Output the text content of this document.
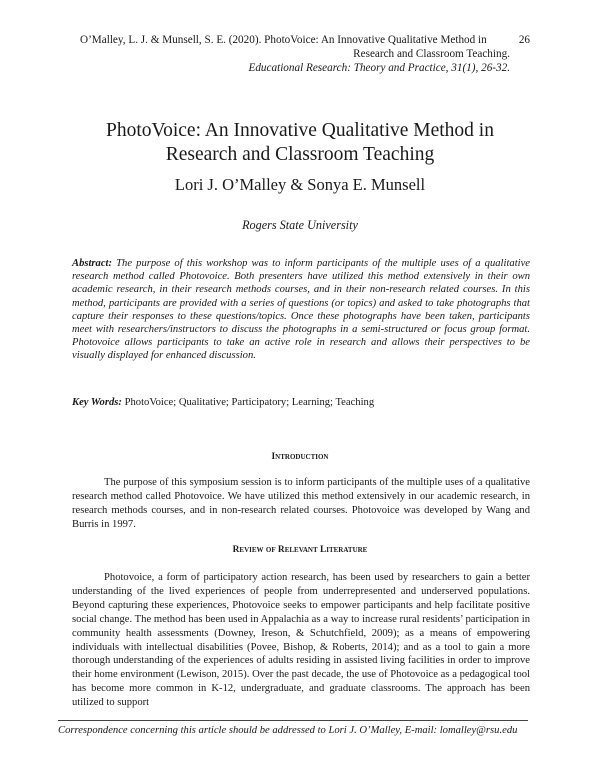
26
O’Malley, L. J. & Munsell, S. E. (2020). PhotoVoice: An Innovative Qualitative Method in
Research and Classroom Teaching.
Educational Research: Theory and Practice, 31(1), 26-32.
PhotoVoice: An Innovative Qualitative Method in
Research and Classroom Teaching
Lori J. O’Malley & Sonya E. Munsell
Rogers State University

Abstract: The purpose of this workshop was to inform participants of the multiple uses of a qualitative research method called Photovoice. Both presenters have utilized this method extensively in their own academic research, in their research methods courses, and in their non-research related courses. In this method, participants are provided with a series of questions (or topics) and asked to take photographs that capture their responses to these questions/topics. Once these photographs have been taken, participants meet with researchers/instructors to discuss the photographs in a semi-structured or focus group format. Photovoice allows participants to take an active role in research and allows their perspectives to be visually displayed for enhanced discussion.

Key Words: PhotoVoice; Qualitative; Participatory; Learning; Teaching
Introduction

The purpose of this symposium session is to inform participants of the multiple uses of a qualitative research method called Photovoice. We have utilized this method extensively in our academic research, in research methods courses, and in non-research related courses. Photovoice was developed by Wang and Burris in 1997.

Review of Relevant Literature

Photovoice, a form of participatory action research, has been used by researchers to gain a better understanding of the lived experiences of people from underrepresented and underserved populations. Beyond capturing these experiences, Photovoice seeks to empower participants and help facilitate positive social change. The method has been used in Appalachia as a way to increase rural residents’ participation in community health assessments (Downey, Ireson, & Schutchfield, 2009); as a means of empowering individuals with intellectual disabilities (Povee, Bishop, & Roberts, 2014); and as a tool to gain a more thorough understanding of the experiences of adults residing in assisted living facilities in order to improve their home environment (Lewison, 2015). Over the past decade, the use of Photovoice as a pedagogical tool has become more common in K-12, undergraduate, and graduate classrooms. The approach has been utilized to support

Correspondence concerning this article should be addressed to Lori J. O’Malley, E-mail: lomalley@rsu.edu
